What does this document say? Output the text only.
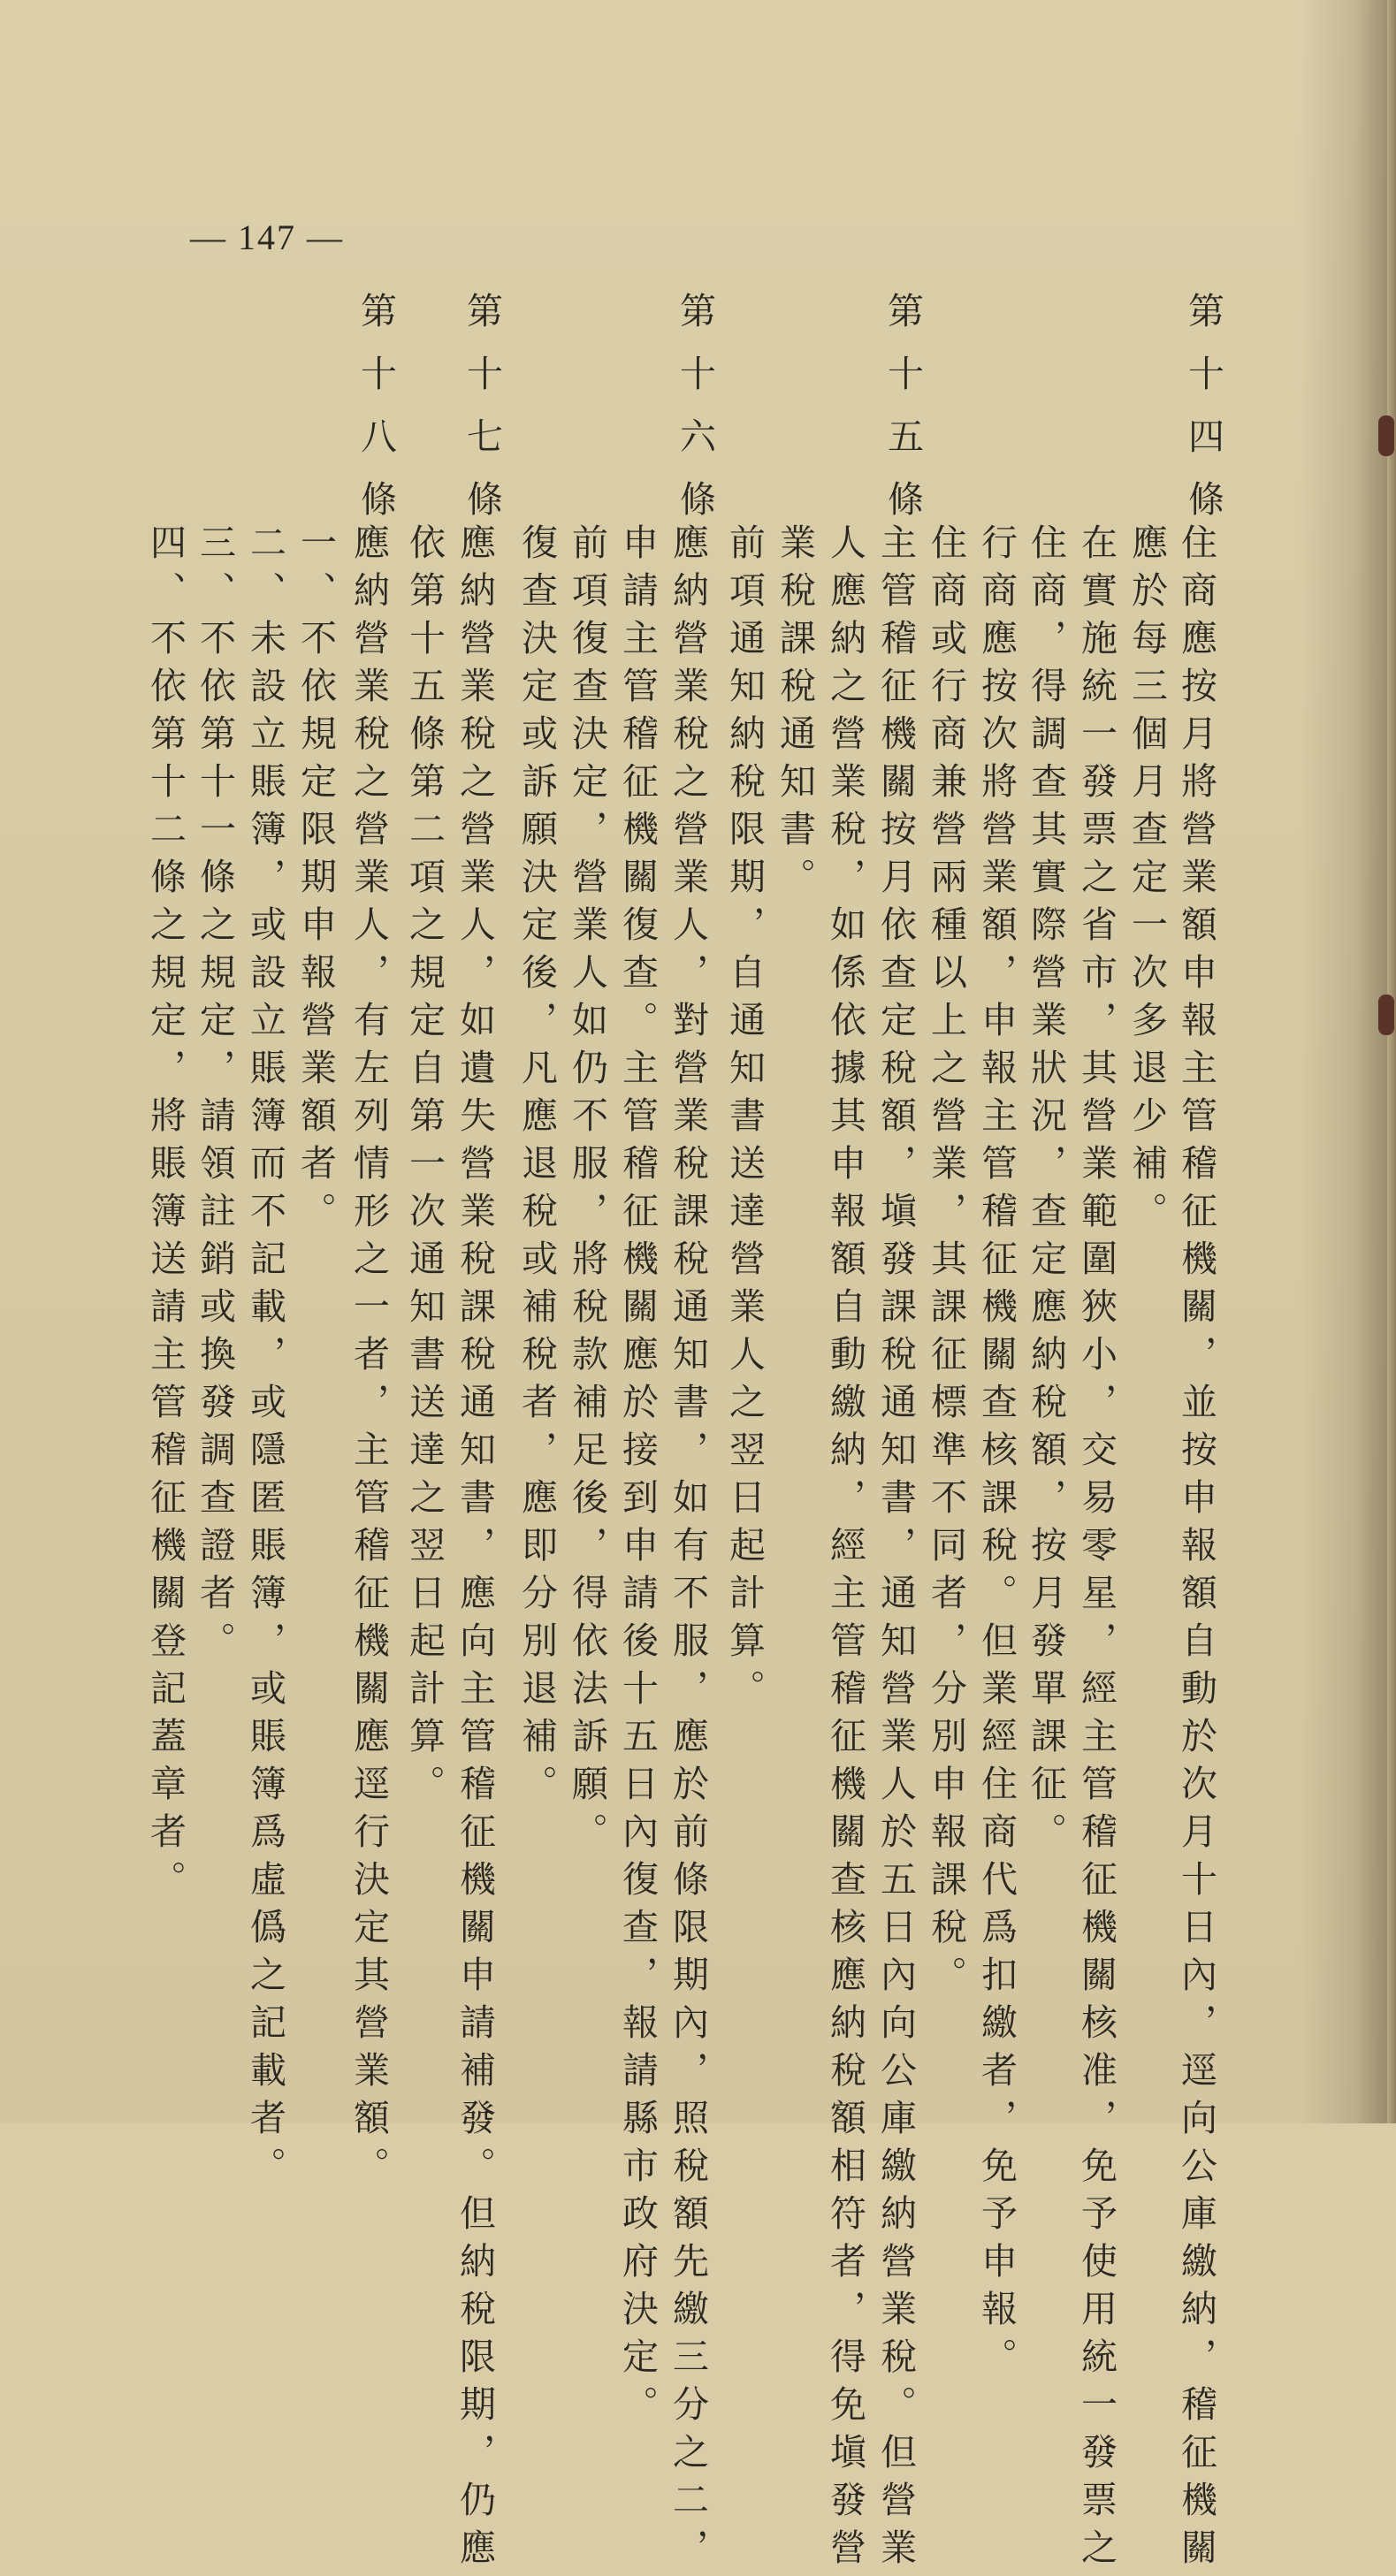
— 147 —
第十四條
住商應按月將營業額申報主管稽征機關，並按申報額自動於次月十日內，逕向公庫繳納，稽征機關
應於每三個月查定一次多退少補。
在實施統一發票之省市，其營業範圍狹小，交易零星，經主管稽征機關核准，免予使用統一發票之
住商，得調查其實際營業狀況，查定應納稅額，按月發單課征。
行商應按次將營業額，申報主管稽征機關查核課稅。但業經住商代爲扣繳者，免予申報。
住商或行商兼營兩種以上之營業，其課征標準不同者，分別申報課稅。
第十五條
主管稽征機關按月依查定稅額，塡發課稅通知書，通知營業人於五日內向公庫繳納營業稅。但營業
人應納之營業稅，如係依據其申報額自動繳納，經主管稽征機關查核應納稅額相符者，得免塡發營
業稅課稅通知書。
前項通知納稅限期，自通知書送達營業人之翌日起計算。
第十六條
應納營業稅之營業人，對營業稅課稅通知書，如有不服，應於前條限期內，照稅額先繳三分之二，
申請主管稽征機關復查。主管稽征機關應於接到申請後十五日內復查，報請縣市政府決定。
前項復查決定，營業人如仍不服，將稅款補足後，得依法訴願。
復查決定或訴願決定後，凡應退稅或補稅者，應即分別退補。
第十七條
應納營業稅之營業人，如遺失營業稅課稅通知書，應向主管稽征機關申請補發。但納稅限期，仍應
依第十五條第二項之規定自第一次通知書送達之翌日起計算。
第十八條
應納營業稅之營業人，有左列情形之一者，主管稽征機關應逕行決定其營業額。
一、不依規定限期申報營業額者。
二、未設立賬簿，或設立賬簿而不記載，或隱匿賬簿，或賬簿爲虛僞之記載者。
三、不依第十一條之規定，請領註銷或換發調查證者。
四、不依第十二條之規定，將賬簿送請主管稽征機關登記蓋章者。
